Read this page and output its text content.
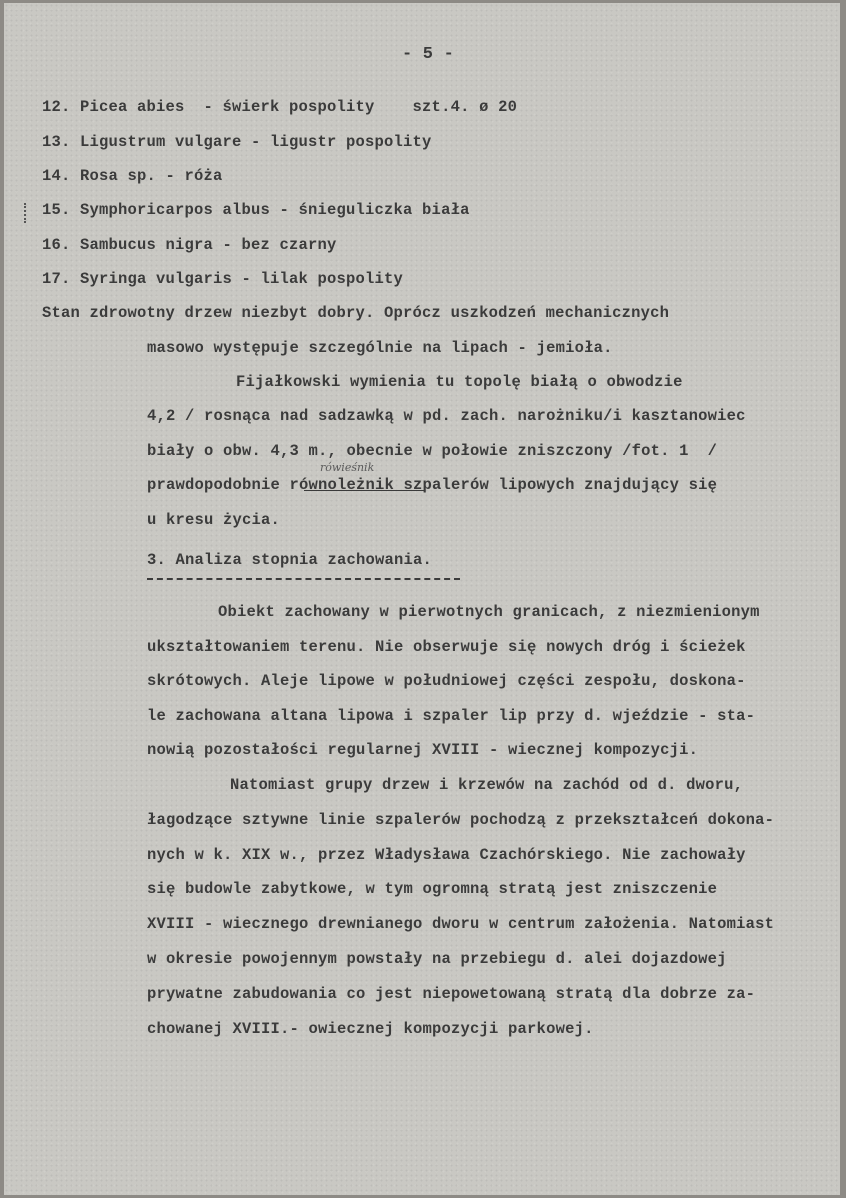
- 5 -
12. Picea abies  - świerk pospolity    szt.4. ø 20
13. Ligustrum vulgare - ligustr pospolity
14. Rosa sp. - róża
15. Symphoricarpos albus - śnieguliczka biała
16. Sambucus nigra - bez czarny
17. Syringa vulgaris - lilak pospolity
Stan zdrowotny drzew niezbyt dobry. Oprócz uszkodzeń mechanicznych
masowo występuje szczególnie na lipach - jemioła.
Fijałkowski wymienia tu topolę białą o obwodzie
4,2 / rosnąca nad sadzawką w pd. zach. narożniku/i kasztanowiec
biały o obw. 4,3 m., obecnie w połowie zniszczony /fot. 1  /
rówieśnik
prawdopodobnie równoleżnik szpalerów lipowych znajdujący się
u kresu życia.
3. Analiza stopnia zachowania.
Obiekt zachowany w pierwotnych granicach, z niezmienionym
ukształtowaniem terenu. Nie obserwuje się nowych dróg i ścieżek
skrótowych. Aleje lipowe w południowej części zespołu, doskona-
le zachowana altana lipowa i szpaler lip przy d. wjeździe - sta-
nowią pozostałości regularnej XVIII - wiecznej kompozycji.
Natomiast grupy drzew i krzewów na zachód od d. dworu,
łagodzące sztywne linie szpalerów pochodzą z przekształceń dokona-
nych w k. XIX w., przez Władysława Czachórskiego. Nie zachowały
się budowle zabytkowe, w tym ogromną stratą jest zniszczenie
XVIII - wiecznego drewnianego dworu w centrum założenia. Natomiast
w okresie powojennym powstały na przebiegu d. alei dojazdowej
prywatne zabudowania co jest niepowetowaną stratą dla dobrze za-
chowanej XVIII.- owiecznej kompozycji parkowej.
